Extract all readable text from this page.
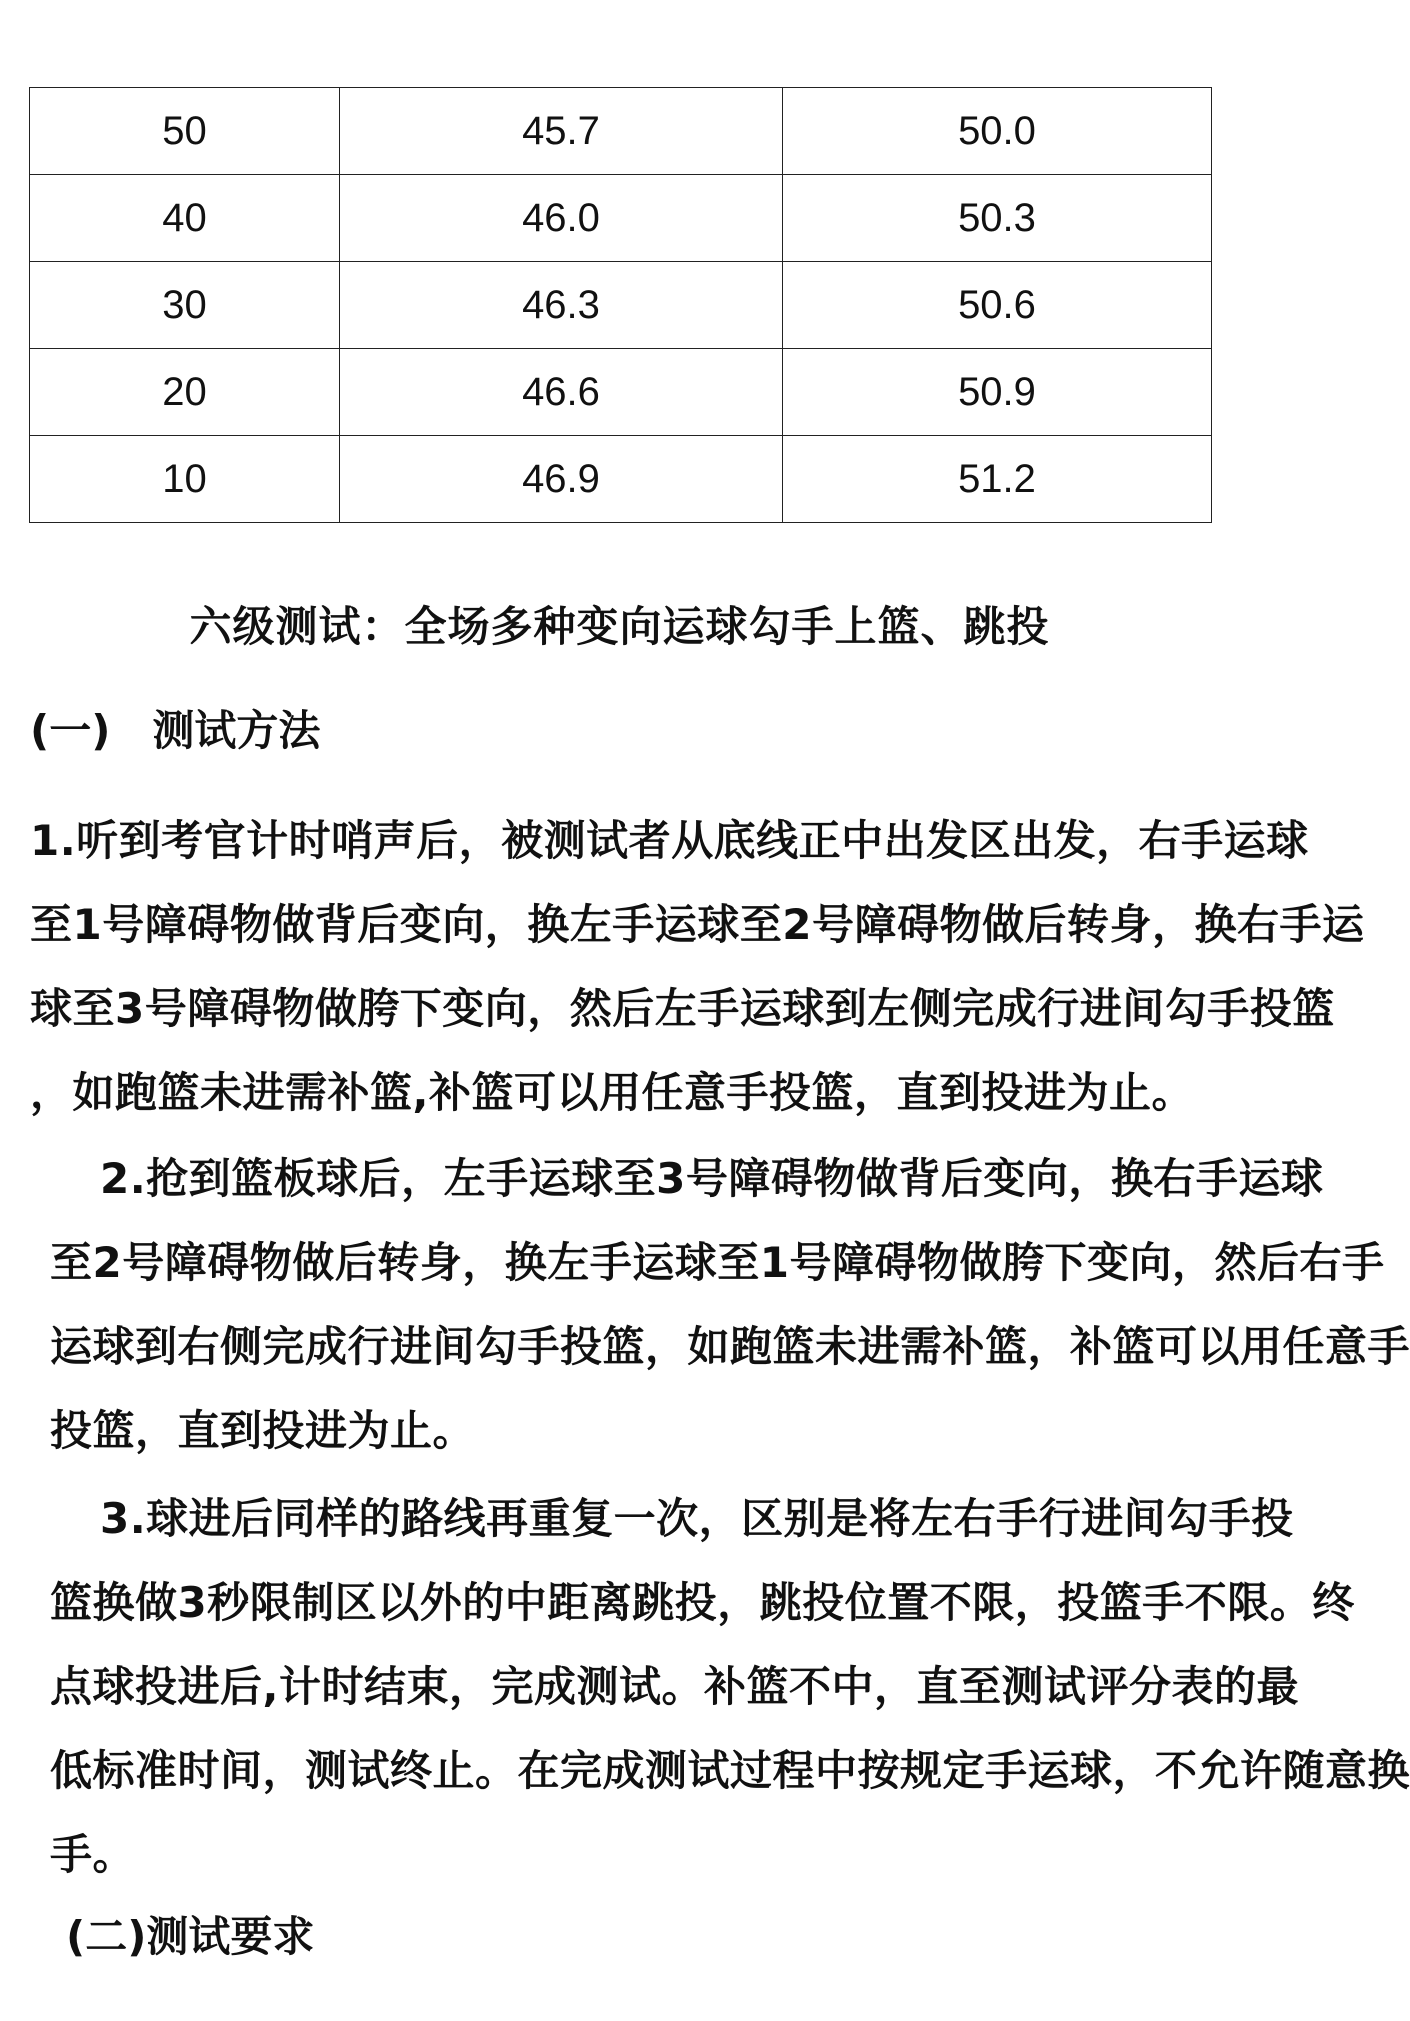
50	45.7	50.0
40	46.0	50.3
30	46.3	50.6
20	46.6	50.9
10	46.9	51.2
六级测试：全场多种变向运球勾手上篮、跳投
(一)　测试方法
1.听到考官计时哨声后，被测试者从底线正中出发区出发，右手运球
至1号障碍物做背后变向，换左手运球至2号障碍物做后转身，换右手运
球至3号障碍物做胯下变向，然后左手运球到左侧完成行进间勾手投篮
，如跑篮未进需补篮,补篮可以用任意手投篮，直到投进为止。
2.抢到篮板球后，左手运球至3号障碍物做背后变向，换右手运球
至2号障碍物做后转身，换左手运球至1号障碍物做胯下变向，然后右手
运球到右侧完成行进间勾手投篮，如跑篮未进需补篮，补篮可以用任意手
投篮，直到投进为止。
3.球进后同样的路线再重复一次，区别是将左右手行进间勾手投
篮换做3秒限制区以外的中距离跳投，跳投位置不限，投篮手不限。终
点球投进后,计时结束，完成测试。补篮不中，直至测试评分表的最
低标准时间，测试终止。在完成测试过程中按规定手运球，不允许随意换
手。
(二)测试要求
